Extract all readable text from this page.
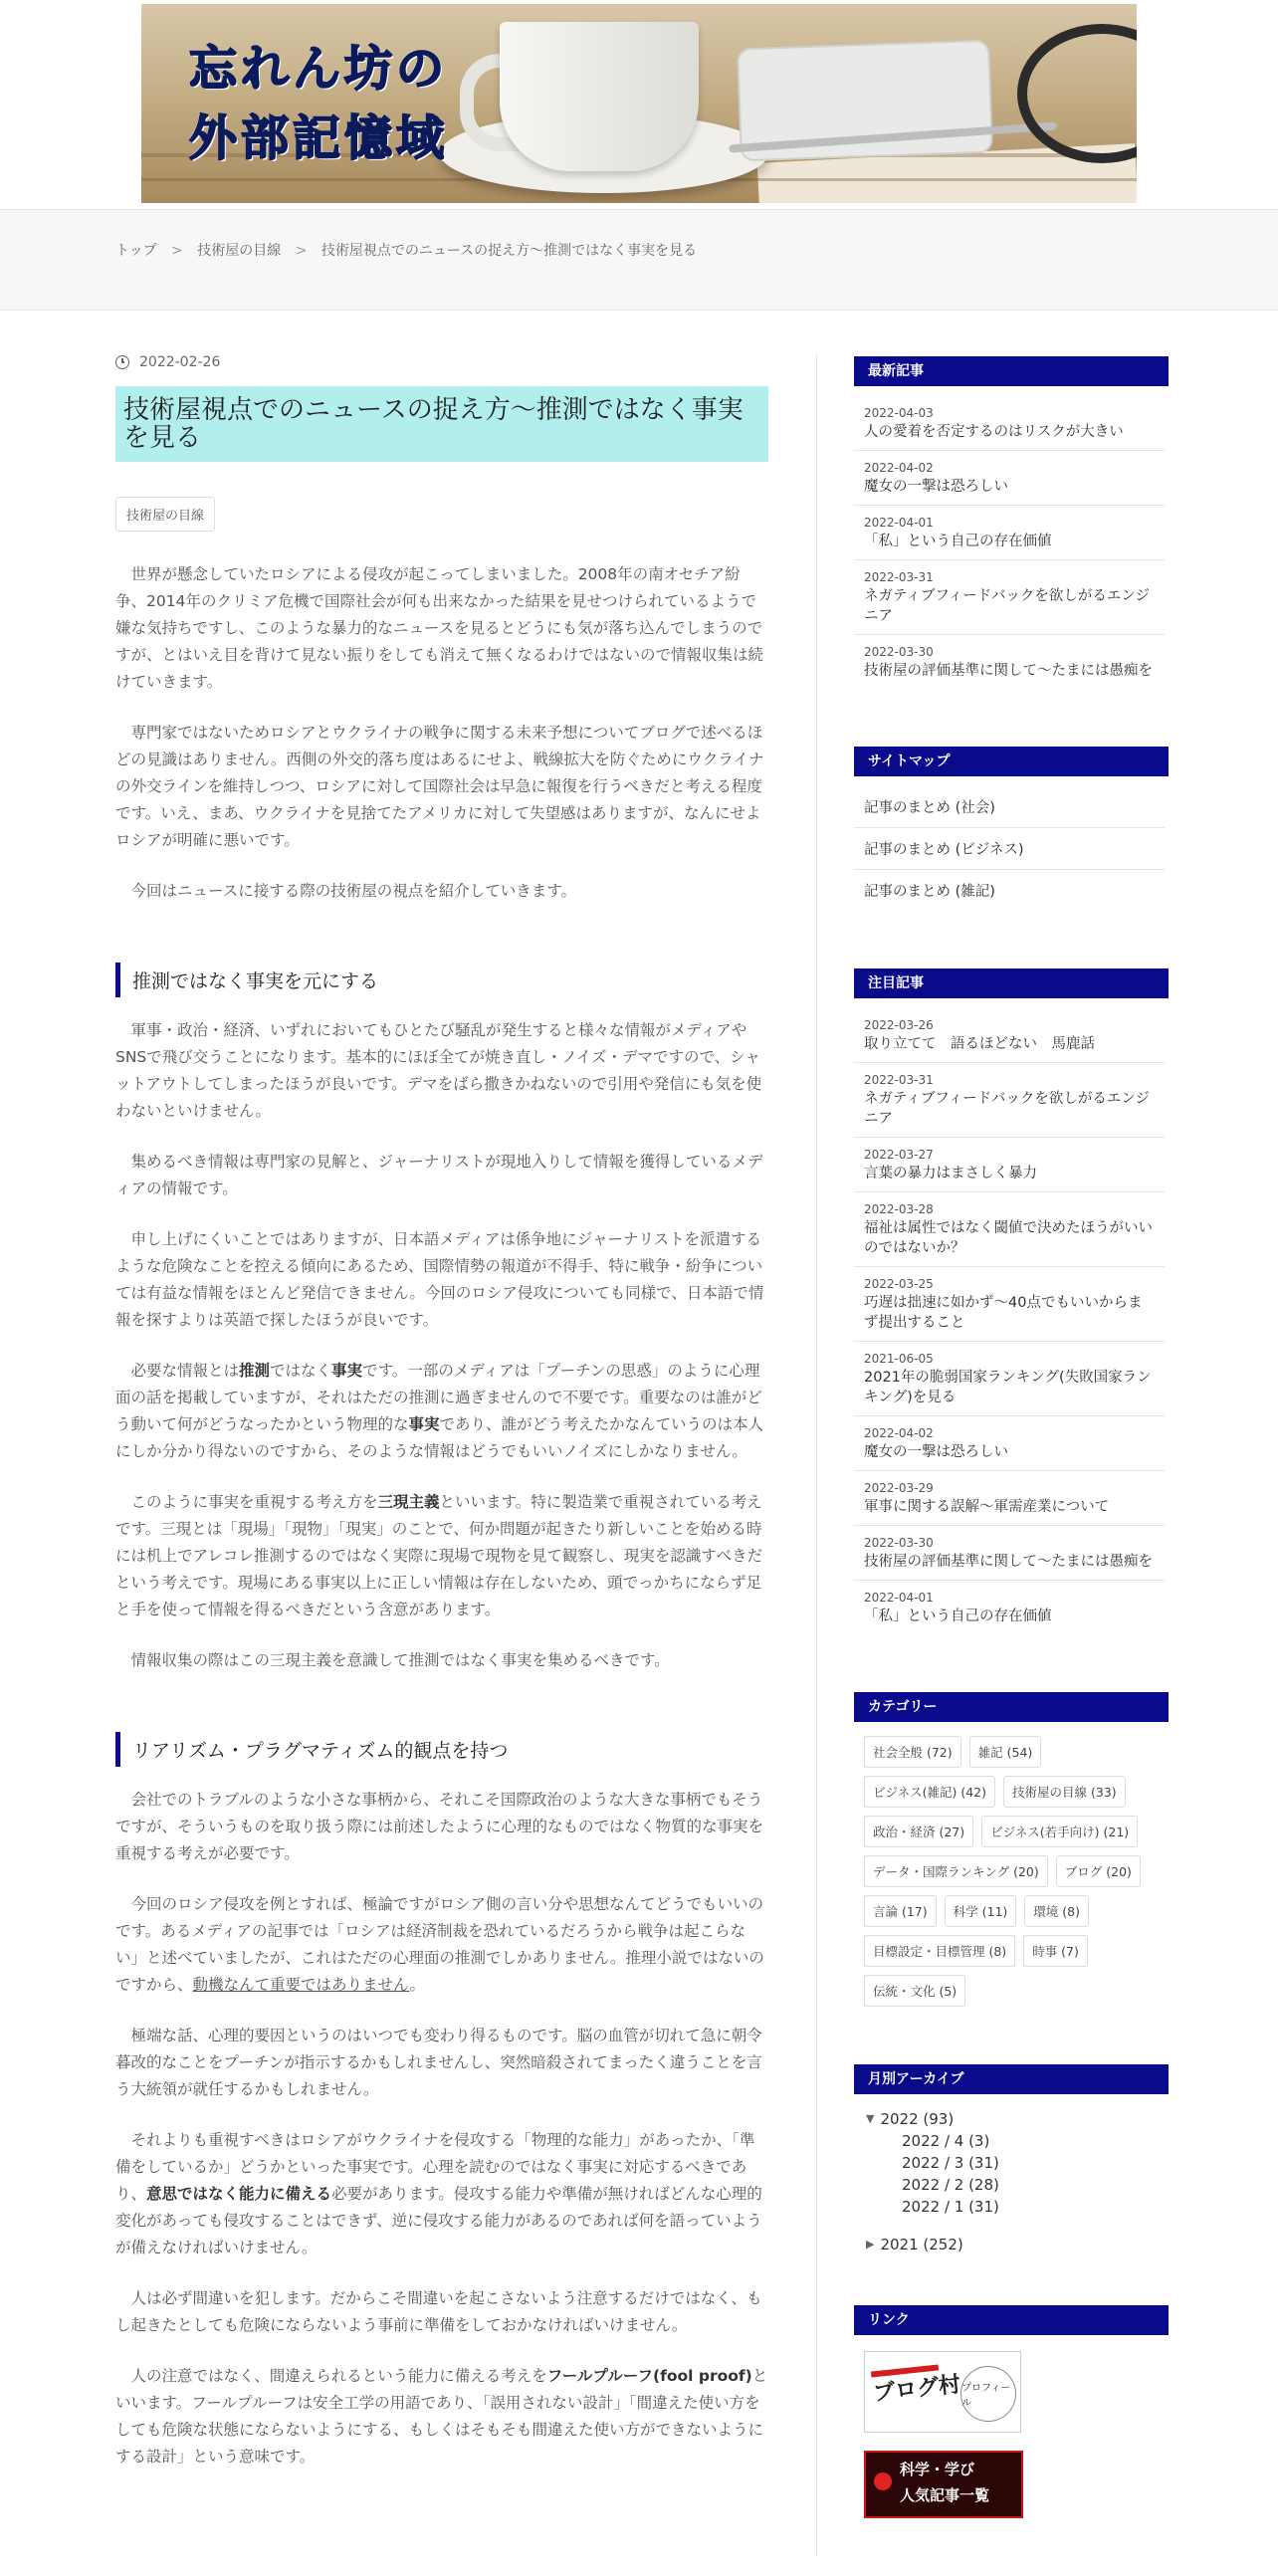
忘れん坊の
外部記憶域
トップ > 技術屋の目線 > 技術屋視点でのニュースの捉え方～推測ではなく事実を見る
2022-02-26
技術屋視点でのニュースの捉え方～推測ではなく事実を見る
技術屋の目線

世界が懸念していたロシアによる侵攻が起こってしまいました。2008年の南オセチア紛争、2014年のクリミア危機で国際社会が何も出来なかった結果を見せつけられているようで嫌な気持ちですし、このような暴力的なニュースを見るとどうにも気が落ち込んでしまうのですが、とはいえ目を背けて見ない振りをしても消えて無くなるわけではないので情報収集は続けていきます。

専門家ではないためロシアとウクライナの戦争に関する未来予想についてブログで述べるほどの見識はありません。西側の外交的落ち度はあるにせよ、戦線拡大を防ぐためにウクライナの外交ラインを維持しつつ、ロシアに対して国際社会は早急に報復を行うべきだと考える程度です。いえ、まあ、ウクライナを見捨てたアメリカに対して失望感はありますが、なんにせよロシアが明確に悪いです。

今回はニュースに接する際の技術屋の視点を紹介していきます。

推測ではなく事実を元にする

軍事・政治・経済、いずれにおいてもひとたび騒乱が発生すると様々な情報がメディアやSNSで飛び交うことになります。基本的にほぼ全てが焼き直し・ノイズ・デマですので、シャットアウトしてしまったほうが良いです。デマをばら撒きかねないので引用や発信にも気を使わないといけません。

集めるべき情報は専門家の見解と、ジャーナリストが現地入りして情報を獲得しているメディアの情報です。

申し上げにくいことではありますが、日本語メディアは係争地にジャーナリストを派遣するような危険なことを控える傾向にあるため、国際情勢の報道が不得手、特に戦争・紛争については有益な情報をほとんど発信できません。今回のロシア侵攻についても同様で、日本語で情報を探すよりは英語で探したほうが良いです。

必要な情報とは推測ではなく事実です。一部のメディアは「プーチンの思惑」のように心理面の話を掲載していますが、それはただの推測に過ぎませんので不要です。重要なのは誰がどう動いて何がどうなったかという物理的な事実であり、誰がどう考えたかなんていうのは本人にしか分かり得ないのですから、そのような情報はどうでもいいノイズにしかなりません。

このように事実を重視する考え方を三現主義といいます。特に製造業で重視されている考えです。三現とは「現場」「現物」「現実」のことで、何か問題が起きたり新しいことを始める時には机上でアレコレ推測するのではなく実際に現場で現物を見て観察し、現実を認識すべきだという考えです。現場にある事実以上に正しい情報は存在しないため、頭でっかちにならず足と手を使って情報を得るべきだという含意があります。

情報収集の際はこの三現主義を意識して推測ではなく事実を集めるべきです。

リアリズム・プラグマティズム的観点を持つ

会社でのトラブルのような小さな事柄から、それこそ国際政治のような大きな事柄でもそうですが、そういうものを取り扱う際には前述したように心理的なものではなく物質的な事実を重視する考えが必要です。

今回のロシア侵攻を例とすれば、極論ですがロシア側の言い分や思想なんてどうでもいいのです。あるメディアの記事では「ロシアは経済制裁を恐れているだろうから戦争は起こらない」と述べていましたが、これはただの心理面の推測でしかありません。推理小説ではないのですから、動機なんて重要ではありません。

極端な話、心理的要因というのはいつでも変わり得るものです。脳の血管が切れて急に朝令暮改的なことをプーチンが指示するかもしれませんし、突然暗殺されてまったく違うことを言う大統領が就任するかもしれません。

それよりも重視すべきはロシアがウクライナを侵攻する「物理的な能力」があったか、「準備をしているか」どうかといった事実です。心理を読むのではなく事実に対応するべきであり、意思ではなく能力に備える必要があります。侵攻する能力や準備が無ければどんな心理的変化があっても侵攻することはできず、逆に侵攻する能力があるのであれば何を語っていようが備えなければいけません。

人は必ず間違いを犯します。だからこそ間違いを起こさないよう注意するだけではなく、もし起きたとしても危険にならないよう事前に準備をしておかなければいけません。

人の注意ではなく、間違えられるという能力に備える考えをフールプルーフ(fool proof)といいます。フールプルーフは安全工学の用語であり、「誤用されない設計」「間違えた使い方をしても危険な状態にならないようにする、もしくはそもそも間違えた使い方ができないようにする設計」という意味です。

最新記事
2022-04-03
人の愛着を否定するのはリスクが大きい
2022-04-02
魔女の一撃は恐ろしい
2022-04-01
「私」という自己の存在価値
2022-03-31
ネガティブフィードバックを欲しがるエンジニア
2022-03-30
技術屋の評価基準に関して～たまには愚痴を
サイトマップ
記事のまとめ (社会)
記事のまとめ (ビジネス)
記事のまとめ (雑記)
注目記事
2022-03-26
取り立てて　語るほどない　馬鹿話
2022-03-31
ネガティブフィードバックを欲しがるエンジニア
2022-03-27
言葉の暴力はまさしく暴力
2022-03-28
福祉は属性ではなく閾値で決めたほうがいいのではないか？
2022-03-25
巧遅は拙速に如かず～40点でもいいからまず提出すること
2021-06-05
2021年の脆弱国家ランキング(失敗国家ランキング)を見る
2022-04-02
魔女の一撃は恐ろしい
2022-03-29
軍事に関する誤解～軍需産業について
2022-03-30
技術屋の評価基準に関して～たまには愚痴を
2022-04-01
「私」という自己の存在価値
カテゴリー
社会全般 (72)	雑記 (54)
ビジネス(雑記) (42)	技術屋の目線 (33)
政治・経済 (27)	ビジネス(若手向け) (21)
データ・国際ランキング (20)	ブログ (20)
言論 (17)	科学 (11)	環境 (8)
目標設定・目標管理 (8)	時事 (7)
伝統・文化 (5)
月別アーカイブ
▼ 2022 (93)
2022 / 4 (3)
2022 / 3 (31)
2022 / 2 (28)
2022 / 1 (31)
▶ 2021 (252)
リンク
ブログ村 プロフィール
科学・学び
人気記事一覧
